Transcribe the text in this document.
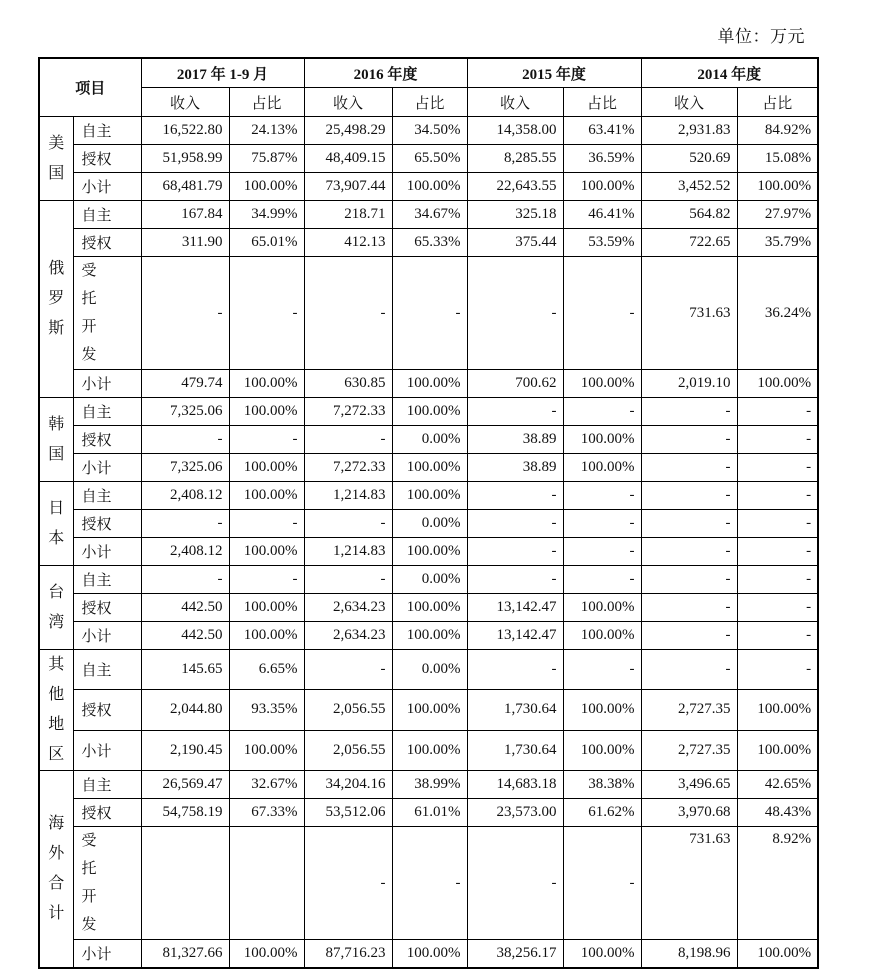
单位：万元
项目		2017 年 1-9 月		2016 年度		2015 年度		2014 年度	
		收入	占比	收入	占比	收入	占比	收入	占比
美国	自主	16,522.80	24.13%	25,498.29	34.50%	14,358.00	63.41%	2,931.83	84.92%
	授权	51,958.99	75.87%	48,409.15	65.50%	8,285.55	36.59%	520.69	15.08%
	小计	68,481.79	100.00%	73,907.44	100.00%	22,643.55	100.00%	3,452.52	100.00%
俄罗斯	自主	167.84	34.99%	218.71	34.67%	325.18	46.41%	564.82	27.97%
	授权	311.90	65.01%	412.13	65.33%	375.44	53.59%	722.65	35.79%
	受托开发	-	-	-	-	-	-	731.63	36.24%
	小计	479.74	100.00%	630.85	100.00%	700.62	100.00%	2,019.10	100.00%
韩国	自主	7,325.06	100.00%	7,272.33	100.00%	-	-	-	-
	授权	-	-	-	0.00%	38.89	100.00%	-	-
	小计	7,325.06	100.00%	7,272.33	100.00%	38.89	100.00%	-	-
日本	自主	2,408.12	100.00%	1,214.83	100.00%	-	-	-	-
	授权	-	-	-	0.00%	-	-	-	-
	小计	2,408.12	100.00%	1,214.83	100.00%	-	-	-	-
台湾	自主	-	-	-	0.00%	-	-	-	-
	授权	442.50	100.00%	2,634.23	100.00%	13,142.47	100.00%	-	-
	小计	442.50	100.00%	2,634.23	100.00%	13,142.47	100.00%	-	-
其他地区	自主	145.65	6.65%	-	0.00%	-	-	-	-
	授权	2,044.80	93.35%	2,056.55	100.00%	1,730.64	100.00%	2,727.35	100.00%
	小计	2,190.45	100.00%	2,056.55	100.00%	1,730.64	100.00%	2,727.35	100.00%
海外合计	自主	26,569.47	32.67%	34,204.16	38.99%	14,683.18	38.38%	3,496.65	42.65%
	授权	54,758.19	67.33%	53,512.06	61.01%	23,573.00	61.62%	3,970.68	48.43%
	受托开发			-	-	-	-	731.63	8.92%
	小计	81,327.66	100.00%	87,716.23	100.00%	38,256.17	100.00%	8,198.96	100.00%
